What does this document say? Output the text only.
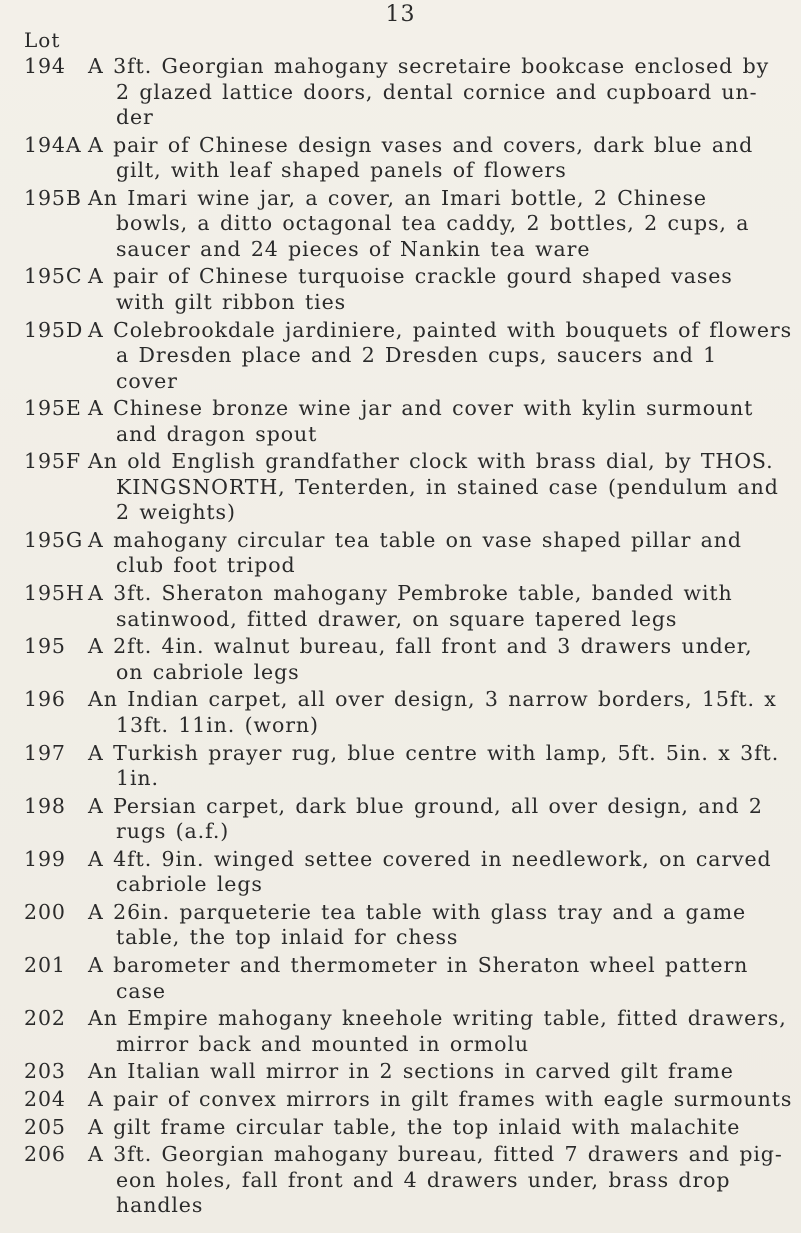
13
Lot
194	A 3ft. Georgian mahogany secretaire bookcase enclosed by
2 glazed lattice doors, dental cornice and cupboard un-
der
194A A pair of Chinese design vases and covers, dark blue and
gilt, with leaf shaped panels of flowers
195B An Imari wine jar, a cover, an Imari bottle, 2 Chinese
bowls, a ditto octagonal tea caddy, 2 bottles, 2 cups, a
saucer and 24 pieces of Nankin tea ware
195C A pair of Chinese turquoise crackle gourd shaped vases
with gilt ribbon ties
195D A Colebrookdale jardiniere, painted with bouquets of flowers
a Dresden place and 2 Dresden cups, saucers and 1
cover
195E A Chinese bronze wine jar and cover with kylin surmount
and dragon spout
195F An old English grandfather clock with brass dial, by THOS.
KINGSNORTH, Tenterden, in stained case (pendulum and
2 weights)
195G A mahogany circular tea table on vase shaped pillar and
club foot tripod
195H A 3ft. Sheraton mahogany Pembroke table, banded with
satinwood, fitted drawer, on square tapered legs
195	A 2ft. 4in. walnut bureau, fall front and 3 drawers under,
on cabriole legs
196	An Indian carpet, all over design, 3 narrow borders, 15ft. x
13ft. 11in. (worn)
197	A Turkish prayer rug, blue centre with lamp, 5ft. 5in. x 3ft.
1in.
198	A Persian carpet, dark blue ground, all over design, and 2
rugs (a.f.)
199	A 4ft. 9in. winged settee covered in needlework, on carved
cabriole legs
200	A 26in. parqueterie tea table with glass tray and a game
table, the top inlaid for chess
201	A barometer and thermometer in Sheraton wheel pattern
case
202	An Empire mahogany kneehole writing table, fitted drawers,
mirror back and mounted in ormolu
203	An Italian wall mirror in 2 sections in carved gilt frame
204	A pair of convex mirrors in gilt frames with eagle surmounts
205	A gilt frame circular table, the top inlaid with malachite
206	A 3ft. Georgian mahogany bureau, fitted 7 drawers and pig-
eon holes, fall front and 4 drawers under, brass drop
handles
